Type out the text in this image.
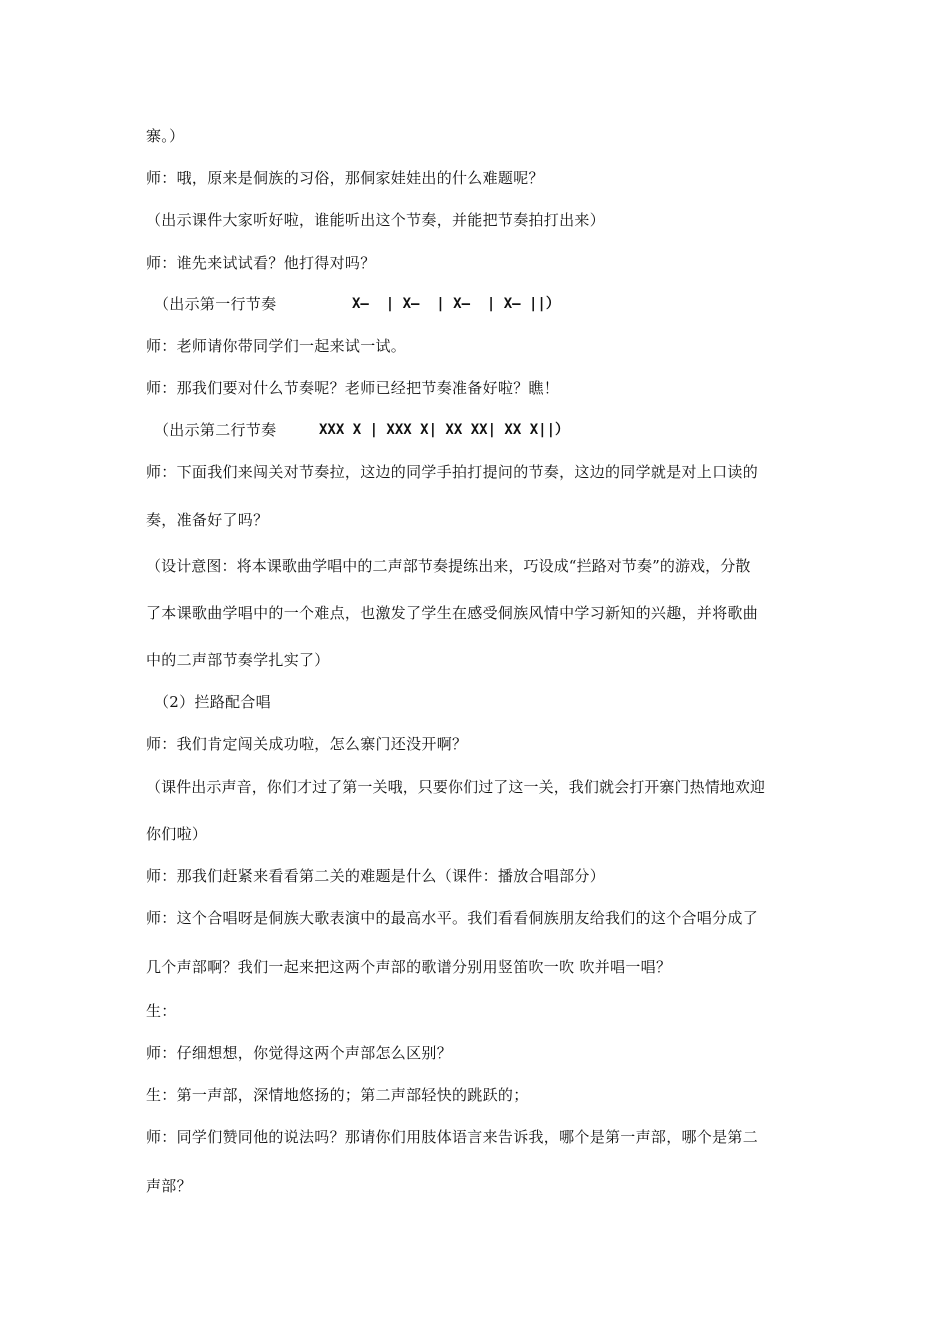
寨。）
师：哦，原来是侗族的习俗，那侗家娃娃出的什么难题呢？
（出示课件大家听好啦，谁能听出这个节奏，并能把节奏拍打出来）
师：谁先来试试看？他打得对吗？
（出示第一行节奏	X—  | X—  | X—  | X— ||）
师：老师请你带同学们一起来试一试。
师：那我们要对什么节奏呢？老师已经把节奏准备好啦？瞧！
（出示第二行节奏	XXX X | XXX X| XX XX| XX X||）
师：下面我们来闯关对节奏拉，这边的同学手拍打提问的节奏，这边的同学就是对上口读的
奏，准备好了吗？
（设计意图：将本课歌曲学唱中的二声部节奏提练出来，巧设成“拦路对节奏”的游戏，分散
了本课歌曲学唱中的一个难点，也激发了学生在感受侗族风情中学习新知的兴趣，并将歌曲
中的二声部节奏学扎实了）
（2）拦路配合唱
师：我们肯定闯关成功啦，怎么寨门还没开啊？
（课件出示声音，你们才过了第一关哦，只要你们过了这一关，我们就会打开寨门热情地欢迎
你们啦）
师：那我们赶紧来看看第二关的难题是什么（课件：播放合唱部分）
师：这个合唱呀是侗族大歌表演中的最高水平。我们看看侗族朋友给我们的这个合唱分成了
几个声部啊？我们一起来把这两个声部的歌谱分别用竖笛吹一吹 吹并唱一唱？
生：
师：仔细想想，你觉得这两个声部怎么区别？
生：第一声部，深情地悠扬的；第二声部轻快的跳跃的；
师：同学们赞同他的说法吗？那请你们用肢体语言来告诉我，哪个是第一声部，哪个是第二
声部？
